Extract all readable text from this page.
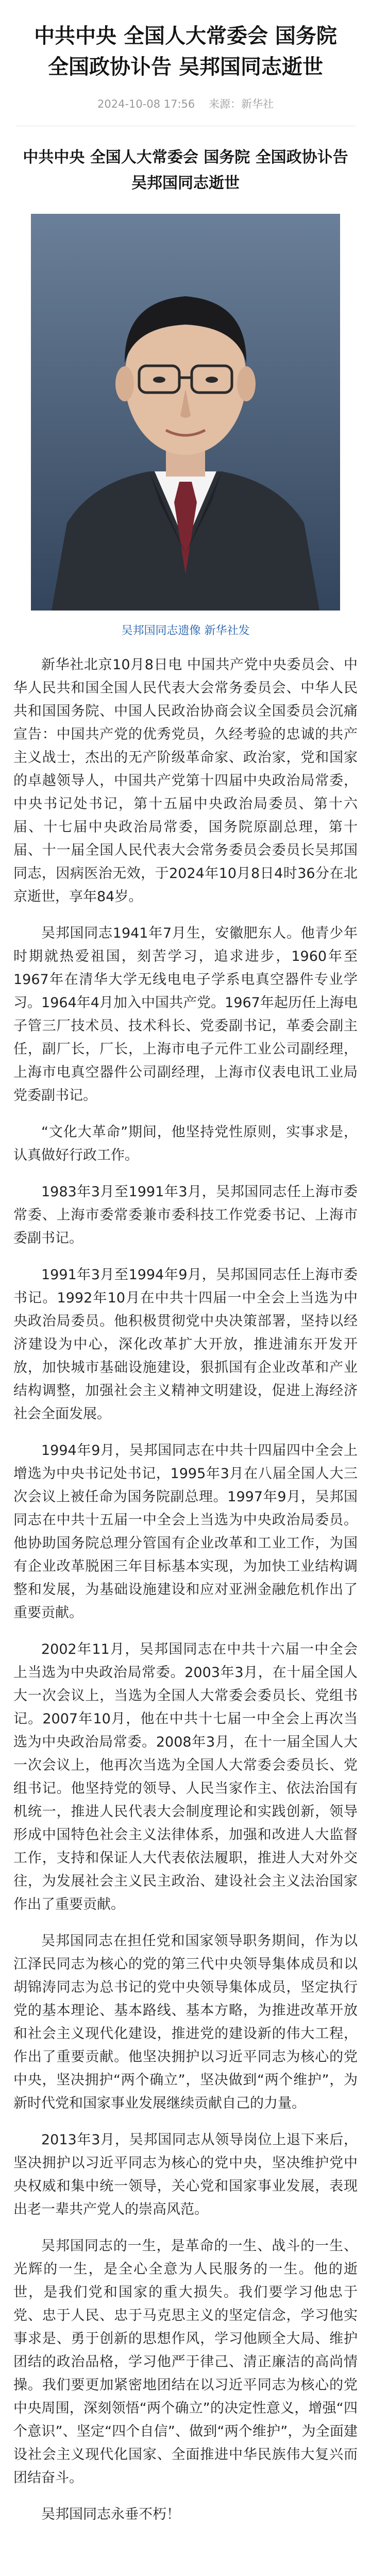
中共中央 全国人大常委会 国务院 全国政协讣告 吴邦国同志逝世
2024-10-08 17:56 来源：新华社
中共中央 全国人大常委会 国务院 全国政协讣告 吴邦国同志逝世
吴邦国同志遗像 新华社发

新华社北京10月8日电 中国共产党中央委员会、中华人民共和国全国人民代表大会常务委员会、中华人民共和国国务院、中国人民政治协商会议全国委员会沉痛宣告：中国共产党的优秀党员，久经考验的忠诚的共产主义战士，杰出的无产阶级革命家、政治家，党和国家的卓越领导人，中国共产党第十四届中央政治局常委，中央书记处书记，第十五届中央政治局委员、第十六届、十七届中央政治局常委，国务院原副总理，第十届、十一届全国人民代表大会常务委员会委员长吴邦国同志，因病医治无效，于2024年10月8日4时36分在北京逝世，享年84岁。

吴邦国同志1941年7月生，安徽肥东人。他青少年时期就热爱祖国，刻苦学习，追求进步，1960年至1967年在清华大学无线电电子学系电真空器件专业学习。1964年4月加入中国共产党。1967年起历任上海电子管三厂技术员、技术科长、党委副书记，革委会副主任，副厂长，厂长，上海市电子元件工业公司副经理，上海市电真空器件公司副经理，上海市仪表电讯工业局党委副书记。

“文化大革命”期间，他坚持党性原则，实事求是，认真做好行政工作。

1983年3月至1991年3月，吴邦国同志任上海市委常委、上海市委常委兼市委科技工作党委书记、上海市委副书记。

1991年3月至1994年9月，吴邦国同志任上海市委书记。1992年10月在中共十四届一中全会上当选为中央政治局委员。他积极贯彻党中央决策部署，坚持以经济建设为中心，深化改革扩大开放，推进浦东开发开放，加快城市基础设施建设，狠抓国有企业改革和产业结构调整，加强社会主义精神文明建设，促进上海经济社会全面发展。

1994年9月，吴邦国同志在中共十四届四中全会上增选为中央书记处书记，1995年3月在八届全国人大三次会议上被任命为国务院副总理。1997年9月，吴邦国同志在中共十五届一中全会上当选为中央政治局委员。他协助国务院总理分管国有企业改革和工业工作，为国有企业改革脱困三年目标基本实现，为加快工业结构调整和发展，为基础设施建设和应对亚洲金融危机作出了重要贡献。

2002年11月，吴邦国同志在中共十六届一中全会上当选为中央政治局常委。2003年3月，在十届全国人大一次会议上，当选为全国人大常委会委员长、党组书记。2007年10月，他在中共十七届一中全会上再次当选为中央政治局常委。2008年3月，在十一届全国人大一次会议上，他再次当选为全国人大常委会委员长、党组书记。他坚持党的领导、人民当家作主、依法治国有机统一，推进人民代表大会制度理论和实践创新，领导形成中国特色社会主义法律体系，加强和改进人大监督工作，支持和保证人大代表依法履职，推进人大对外交往，为发展社会主义民主政治、建设社会主义法治国家作出了重要贡献。

吴邦国同志在担任党和国家领导职务期间，作为以江泽民同志为核心的党的第三代中央领导集体成员和以胡锦涛同志为总书记的党中央领导集体成员，坚定执行党的基本理论、基本路线、基本方略，为推进改革开放和社会主义现代化建设，推进党的建设新的伟大工程，作出了重要贡献。他坚决拥护以习近平同志为核心的党中央，坚决拥护“两个确立”，坚决做到“两个维护”，为新时代党和国家事业发展继续贡献自己的力量。

2013年3月，吴邦国同志从领导岗位上退下来后，坚决拥护以习近平同志为核心的党中央，坚决维护党中央权威和集中统一领导，关心党和国家事业发展，表现出老一辈共产党人的崇高风范。

吴邦国同志的一生，是革命的一生、战斗的一生、光辉的一生，是全心全意为人民服务的一生。他的逝世，是我们党和国家的重大损失。我们要学习他忠于党、忠于人民、忠于马克思主义的坚定信念，学习他实事求是、勇于创新的思想作风，学习他顾全大局、维护团结的政治品格，学习他严于律己、清正廉洁的高尚情操。我们要更加紧密地团结在以习近平同志为核心的党中央周围，深刻领悟“两个确立”的决定性意义，增强“四个意识”、坚定“四个自信”、做到“两个维护”，为全面建设社会主义现代化国家、全面推进中华民族伟大复兴而团结奋斗。

吴邦国同志永垂不朽！
